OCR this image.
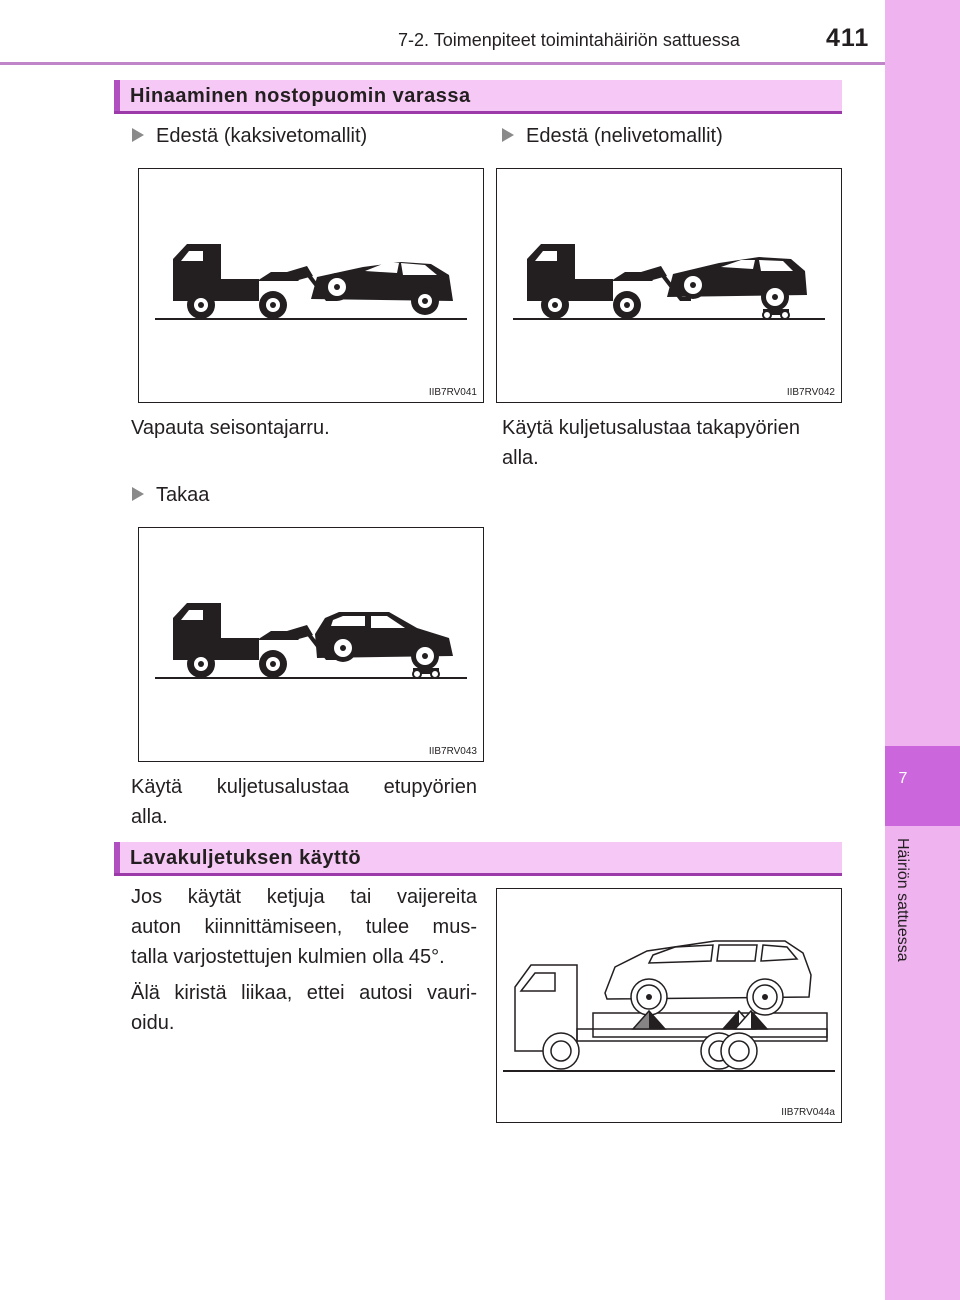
7-2. Toimenpiteet toimintahäiriön sattuessa	411
7
Häiriön sattuessa
Hinaaminen nostopuomin varassa
Edestä (kaksivetomallit)	Edestä (nelivetomallit)
IIB7RV041	IIB7RV042
Vapauta seisontajarru.	Käytä kuljetusalustaa takapyörien
alla.
Takaa
IIB7RV043
Käytä kuljetusalustaa etupyörien
alla.
Lavakuljetuksen käyttö
Jos käytät ketjuja tai vaijereita
auton kiinnittämiseen, tulee mus-
talla varjostettujen kulmien olla 45°.
Älä kiristä liikaa, ettei autosi vauri-
oidu.
IIB7RV044a
